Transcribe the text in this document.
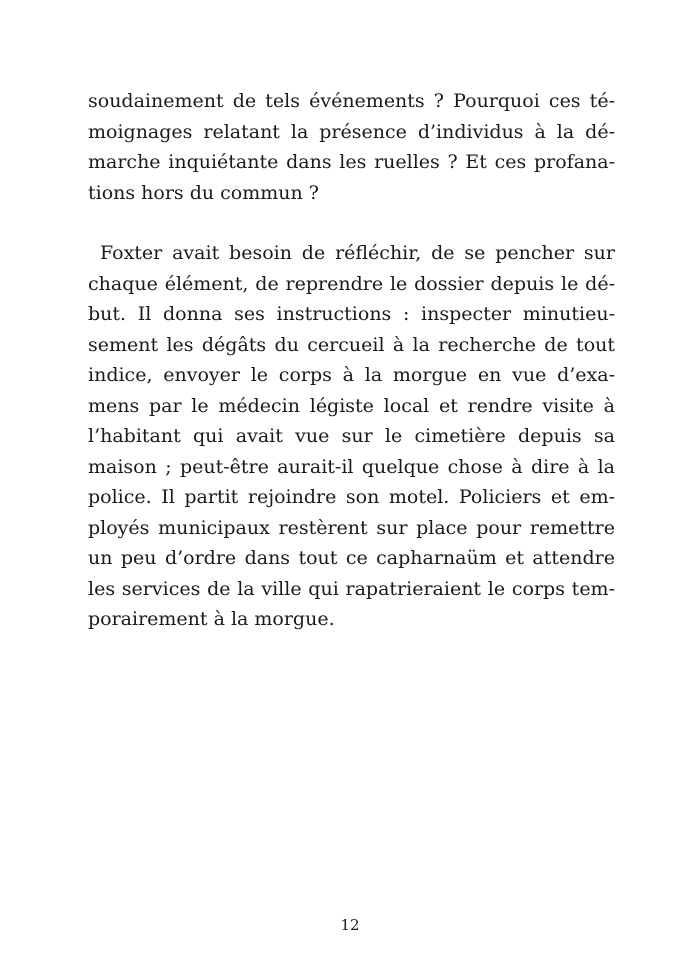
soudainement de tels événements ? Pourquoi ces té-
moignages relatant la présence d’individus à la dé-
marche inquiétante dans les ruelles ? Et ces profana-
tions hors du commun ?
Foxter avait besoin de réfléchir, de se pencher sur
chaque élément, de reprendre le dossier depuis le dé-
but. Il donna ses instructions : inspecter minutieu-
sement les dégâts du cercueil à la recherche de tout
indice, envoyer le corps à la morgue en vue d’exa-
mens par le médecin légiste local et rendre visite à
l’habitant qui avait vue sur le cimetière depuis sa
maison ; peut-être aurait-il quelque chose à dire à la
police. Il partit rejoindre son motel. Policiers et em-
ployés municipaux restèrent sur place pour remettre
un peu d’ordre dans tout ce capharnaüm et attendre
les services de la ville qui rapatrieraient le corps tem-
porairement à la morgue.
12
